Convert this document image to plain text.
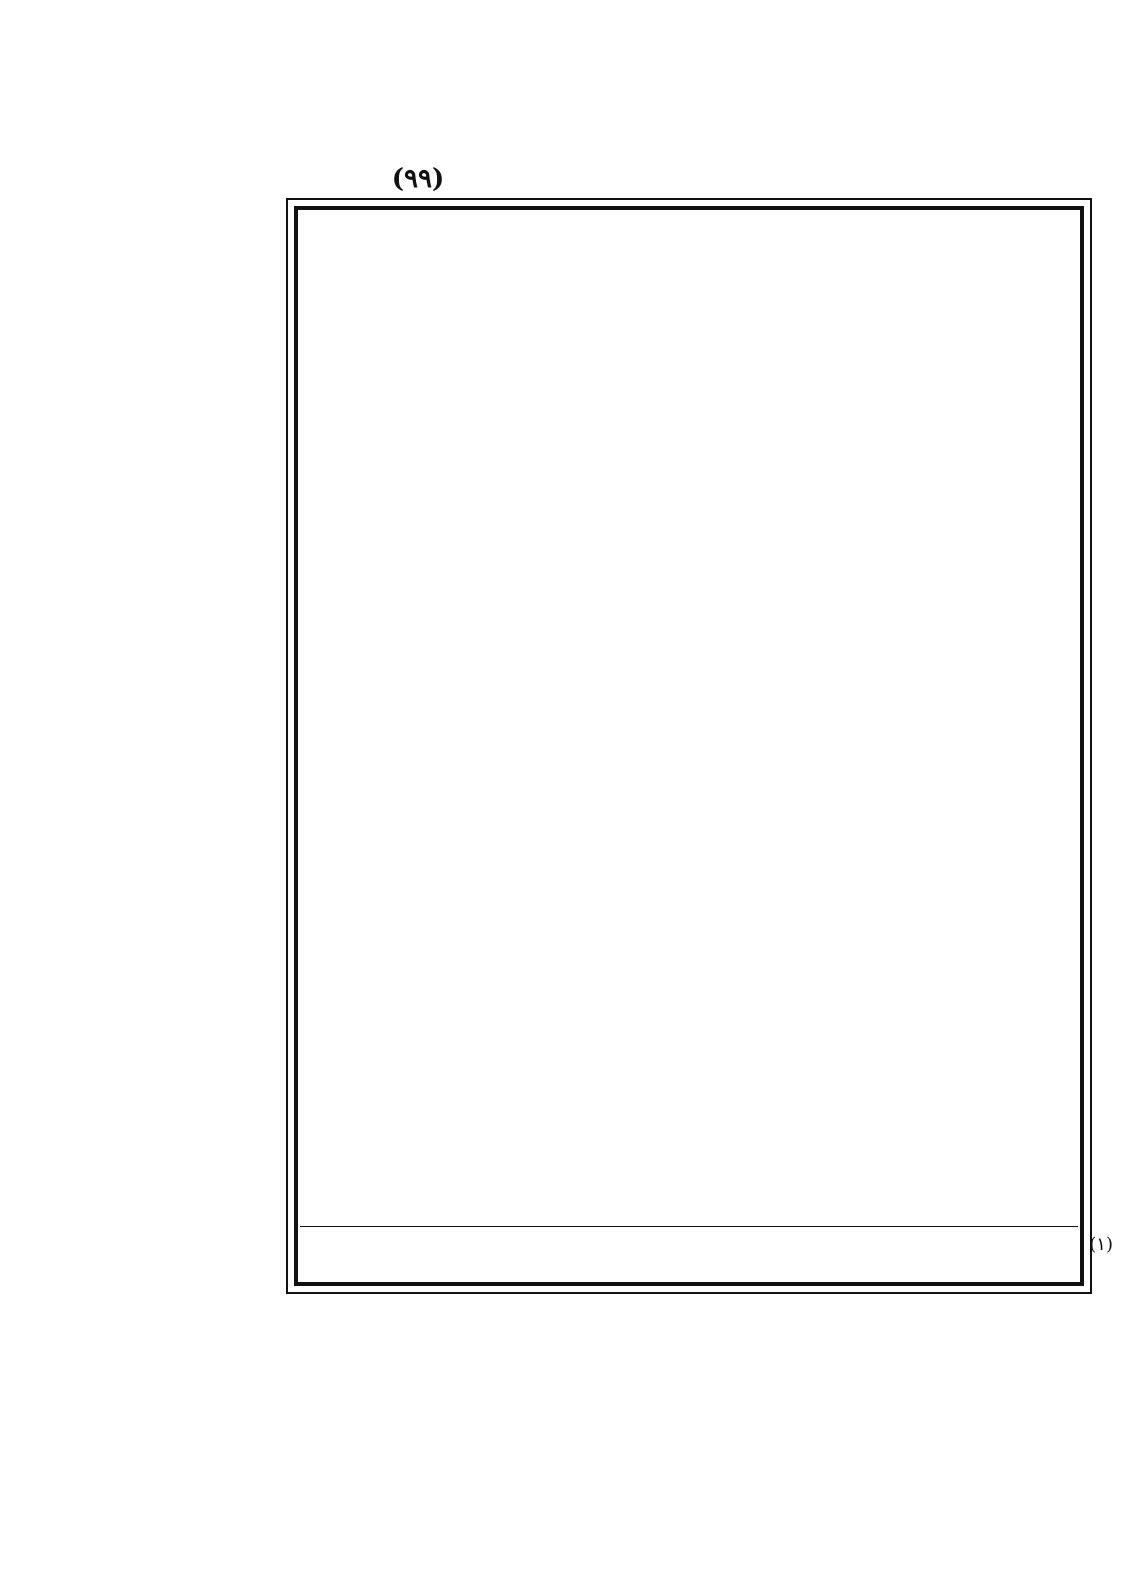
(٩٩)
(١)
